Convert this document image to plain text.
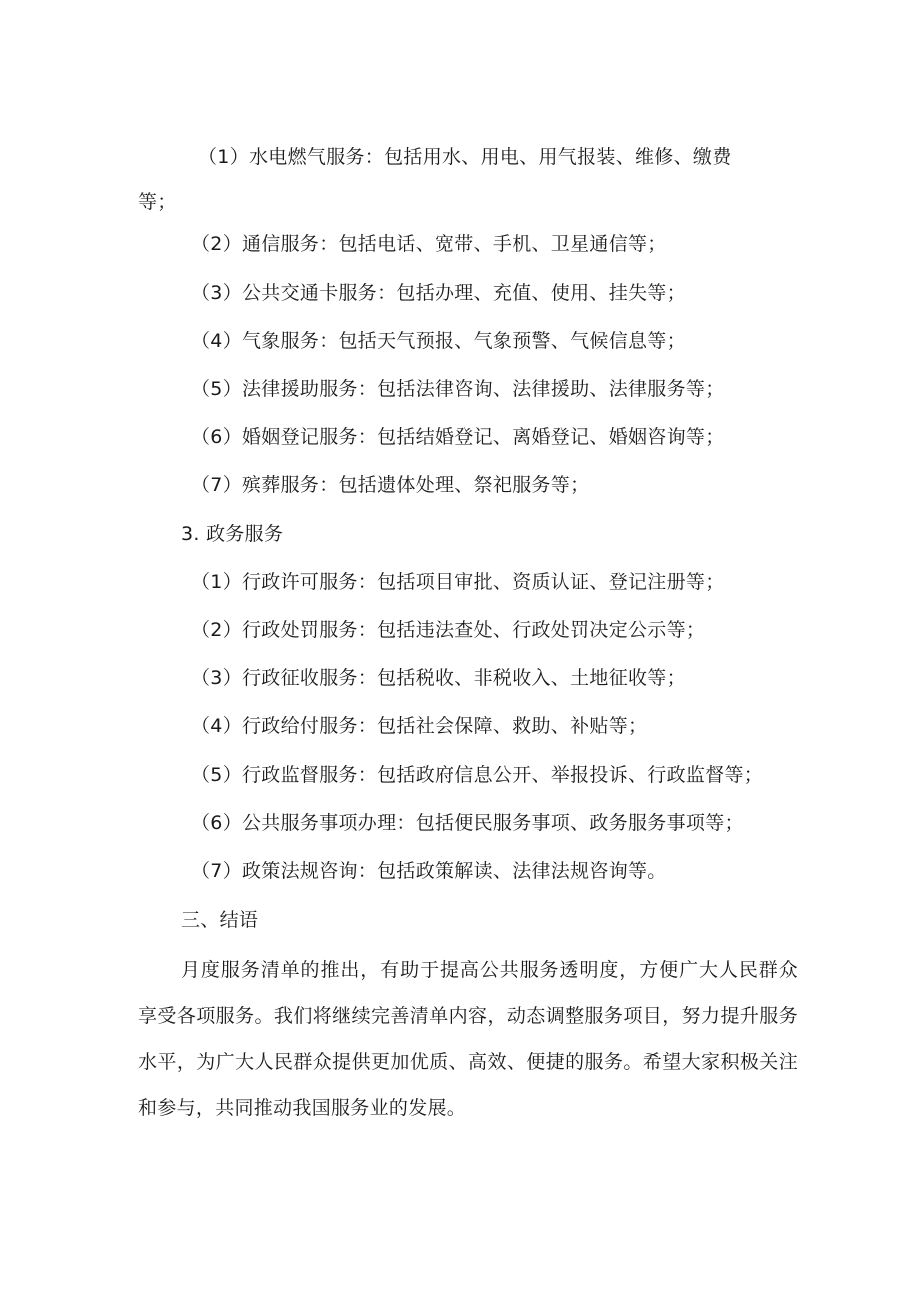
（1）水电燃气服务：包括用水、用电、用气报装、维修、缴费
等；
（2）通信服务：包括电话、宽带、手机、卫星通信等；
（3）公共交通卡服务：包括办理、充值、使用、挂失等；
（4）气象服务：包括天气预报、气象预警、气候信息等；
（5）法律援助服务：包括法律咨询、法律援助、法律服务等；
（6）婚姻登记服务：包括结婚登记、离婚登记、婚姻咨询等；
（7）殡葬服务：包括遗体处理、祭祀服务等；
3. 政务服务
（1）行政许可服务：包括项目审批、资质认证、登记注册等；
（2）行政处罚服务：包括违法查处、行政处罚决定公示等；
（3）行政征收服务：包括税收、非税收入、土地征收等；
（4）行政给付服务：包括社会保障、救助、补贴等；
（5）行政监督服务：包括政府信息公开、举报投诉、行政监督等；
（6）公共服务事项办理：包括便民服务事项、政务服务事项等；
（7）政策法规咨询：包括政策解读、法律法规咨询等。
三、结语
月度服务清单的推出，有助于提高公共服务透明度，方便广大人民群众享受各项服务。我们将继续完善清单内容，动态调整服务项目，努力提升服务水平，为广大人民群众提供更加优质、高效、便捷的服务。希望大家积极关注和参与，共同推动我国服务业的发展。
